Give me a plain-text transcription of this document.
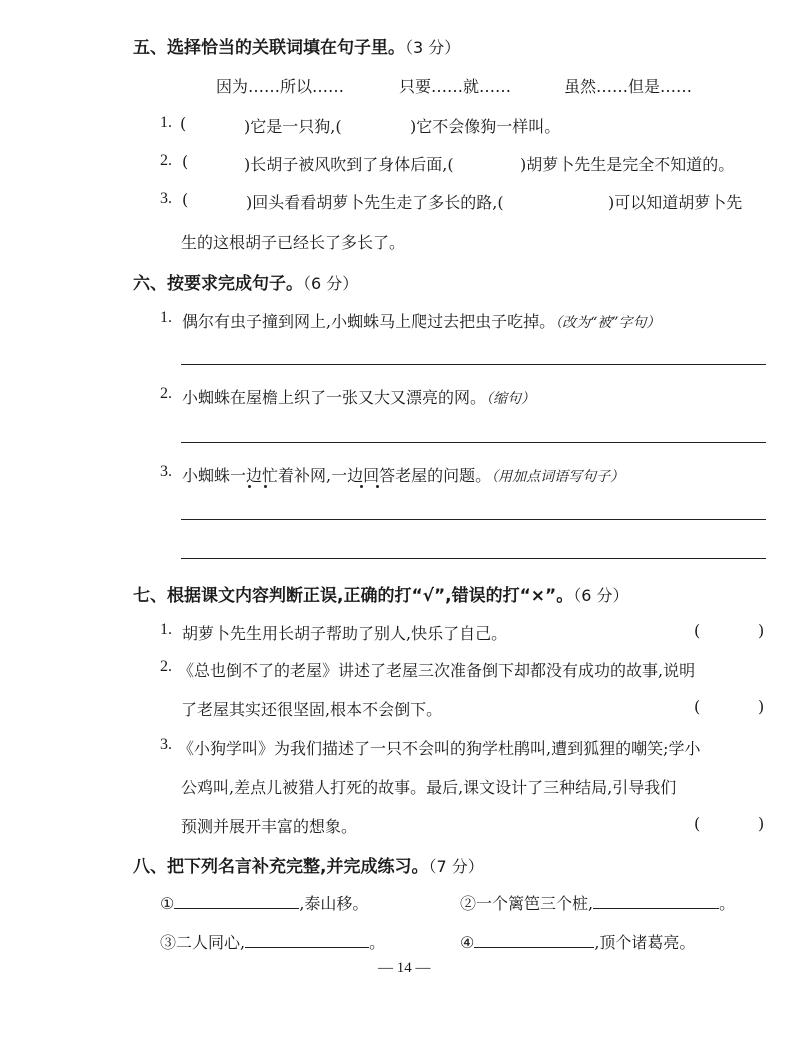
五、选择恰当的关联词填在句子里。（3 分）
因为……所以……	只要……就……	虽然……但是……
1. (	)它是一只狗,(	)它不会像狗一样叫。
2. (	)长胡子被风吹到了身体后面,(	)胡萝卜先生是完全不知道的。
3. (	)回头看看胡萝卜先生走了多长的路,(	)可以知道胡萝卜先
生的这根胡子已经长了多长了。
六、按要求完成句子。（6 分）
1. 偶尔有虫子撞到网上,小蜘蛛马上爬过去把虫子吃掉。（改为“被”字句）
2. 小蜘蛛在屋檐上织了一张又大又漂亮的网。（缩句）
3. 小蜘蛛一边忙着补网,一边回答老屋的问题。（用加点词语写句子）
七、根据课文内容判断正误,正确的打“√”,错误的打“×”。（6 分）
1. 胡萝卜先生用长胡子帮助了别人,快乐了自己。	(	)
2. 《总也倒不了的老屋》讲述了老屋三次准备倒下却都没有成功的故事,说明
了老屋其实还很坚固,根本不会倒下。	(	)
3. 《小狗学叫》为我们描述了一只不会叫的狗学杜鹃叫,遭到狐狸的嘲笑;学小
公鸡叫,差点儿被猎人打死的故事。最后,课文设计了三种结局,引导我们
预测并展开丰富的想象。	(	)
八、把下列名言补充完整,并完成练习。（7 分）
①	,泰山移。	②一个篱笆三个桩,	。
③二人同心,	。	④	,顶个诸葛亮。
— 14 —
